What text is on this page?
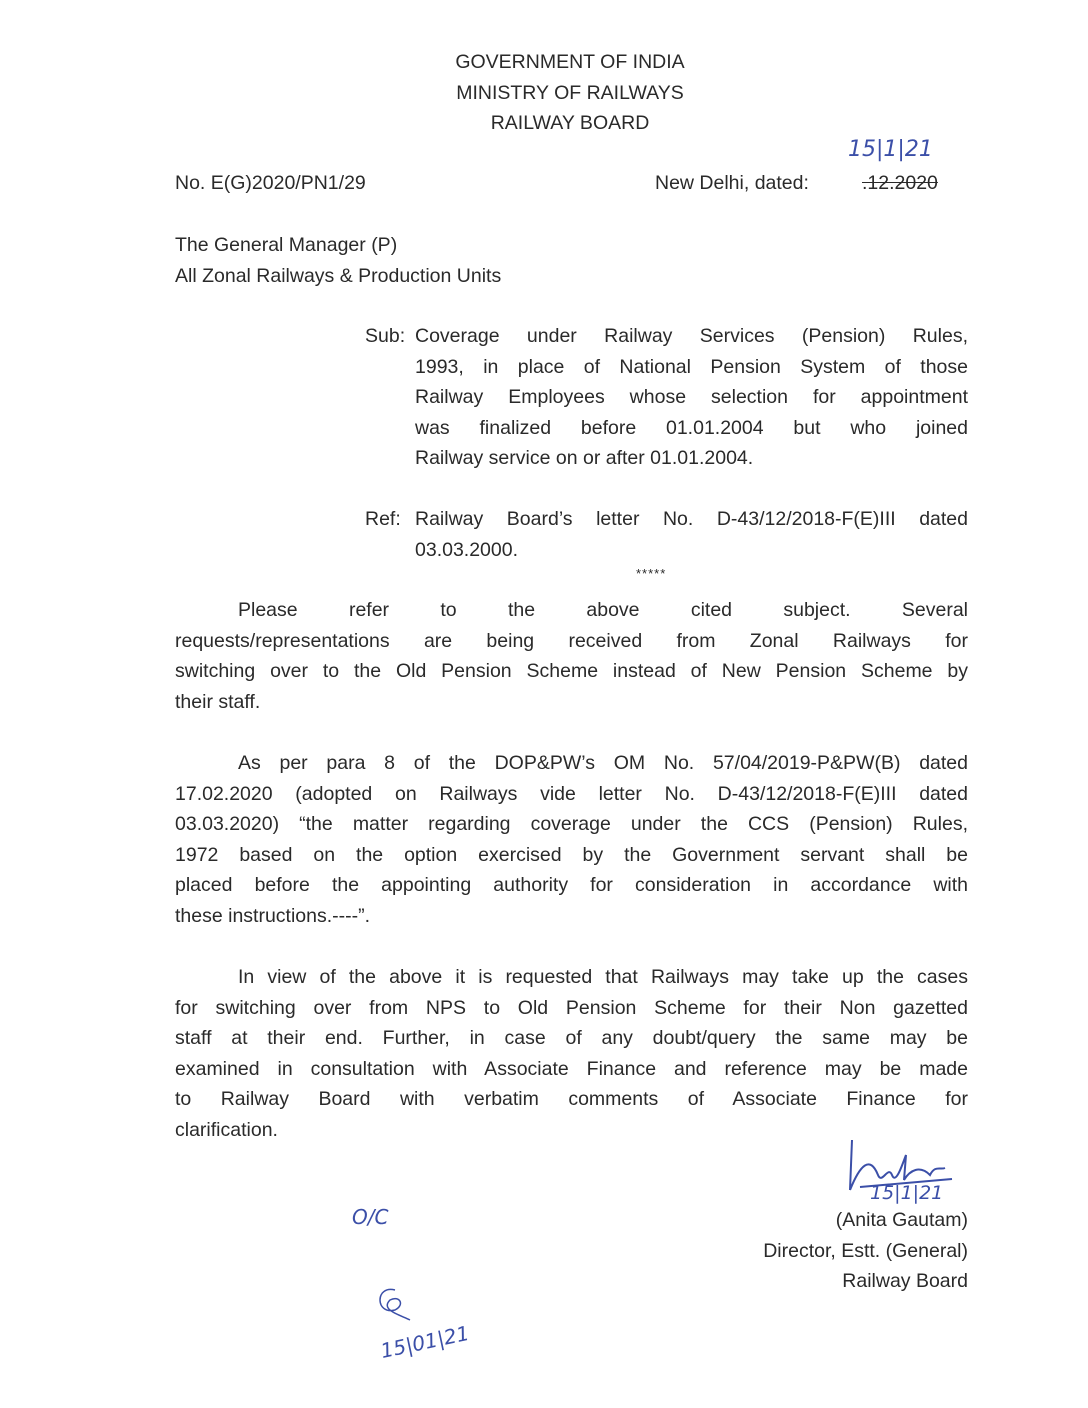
GOVERNMENT OF INDIA
MINISTRY OF RAILWAYS
RAILWAY BOARD
No. E(G)2020/PN1/29	New Delhi, dated:	.12.2020
15|1|21
The General Manager (P)
All Zonal Railways & Production Units
Sub: Coverage under Railway Services (Pension) Rules,
1993, in place of National Pension System of those
Railway Employees whose selection for appointment
was finalized before 01.01.2004 but who joined
Railway service on or after 01.01.2004.
Ref: Railway Board’s letter No. D-43/12/2018-F(E)III dated
03.03.2000.
*****
Please refer to the above cited subject. Several
requests/representations are being received from Zonal Railways for
switching over to the Old Pension Scheme instead of New Pension Scheme by
their staff.
As per para 8 of the DOP&PW’s OM No. 57/04/2019-P&PW(B) dated
17.02.2020 (adopted on Railways vide letter No. D-43/12/2018-F(E)III dated
03.03.2020) “the matter regarding coverage under the CCS (Pension) Rules,
1972 based on the option exercised by the Government servant shall be
placed before the appointing authority for consideration in accordance with
these instructions.----”.
In view of the above it is requested that Railways may take up the cases
for switching over from NPS to Old Pension Scheme for their Non gazetted
staff at their end. Further, in case of any doubt/query the same may be
examined in consultation with Associate Finance and reference may be made
to Railway Board with verbatim comments of Associate Finance for
clarification.
15|1|21
(Anita Gautam)
Director, Estt. (General)
Railway Board
O/C
15|01|21
